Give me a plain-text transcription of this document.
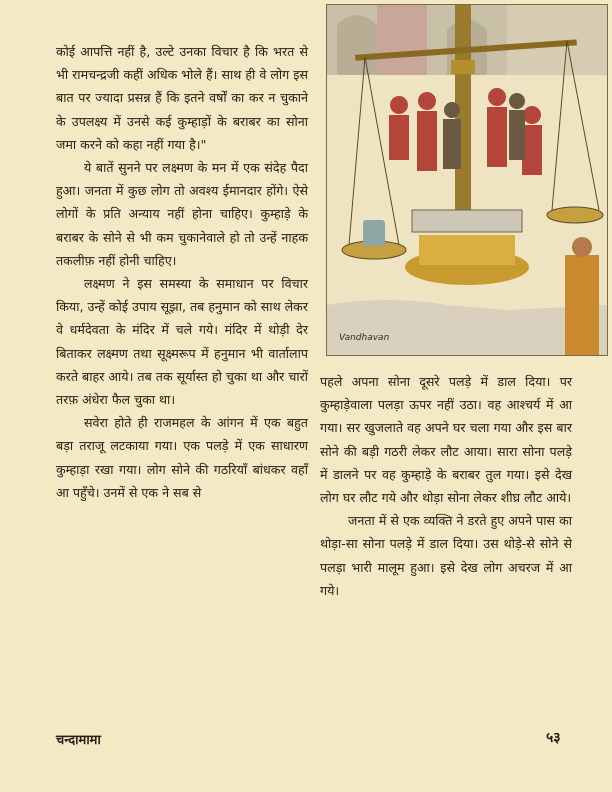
कोई आपत्ति नहीं है, उल्टे उनका विचार है कि भरत से भी रामचन्द्रजी कहीं अधिक भोले हैं। साथ ही वे लोग इस बात पर ज्यादा प्रसन्न हैं कि इतने वर्षों का कर न चुकाने के उपलक्ष्य में उनसे कई कुम्हाड़ों के बराबर का सोना जमा करने को कहा नहीं गया है।"

ये बातें सुनने पर लक्ष्मण के मन में एक संदेह पैदा हुआ। जनता में कुछ लोग तो अवश्य ईमानदार होंगे। ऐसे लोगों के प्रति अन्याय नहीं होना चाहिए। कुम्हाड़े के बराबर के सोने से भी कम चुकानेवाले हो तो उन्हें नाहक तकलीफ़ नहीं होनी चाहिए।

लक्ष्मण ने इस समस्या के समाधान पर विचार किया, उन्हें कोई उपाय सूझा, तब हनुमान को साथ लेकर वे धर्मदेवता के मंदिर में चले गये। मंदिर में थोड़ी देर बिताकर लक्ष्मण तथा सूक्ष्मरूप में हनुमान भी वार्तालाप करते बाहर आये। तब तक सूर्यास्त हो चुका था और चारों तरफ़ अंधेरा फैल चुका था।

सवेरा होते ही राजमहल के आंगन में एक बहुत बड़ा तराजू लटकाया गया। एक पलड़े में एक साधारण कुम्हाड़ा रखा गया। लोग सोने की गठरियाँ बांधकर वहाँ आ पहुँचे। उनमें से एक ने सब से

Vandhavan

पहले अपना सोना दूसरे पलड़े में डाल दिया। पर कुम्हाड़ेवाला पलड़ा ऊपर नहीं उठा। वह आश्चर्य में आ गया। सर खुजलाते वह अपने घर चला गया और इस बार सोने की बड़ी गठरी लेकर लौट आया। सारा सोना पलड़े में डालने पर वह कुम्हाड़े के बराबर तुल गया। इसे देख लोग घर लौट गये और थोड़ा सोना लेकर शीघ्र लौट आये।

जनता में से एक व्यक्ति ने डरते हुए अपने पास का थोड़ा-सा सोना पलड़े में डाल दिया। उस थोड़े-से सोने से पलड़ा भारी मालूम हुआ। इसे देख लोग अचरज में आ गये।

चन्दामामा	५३
